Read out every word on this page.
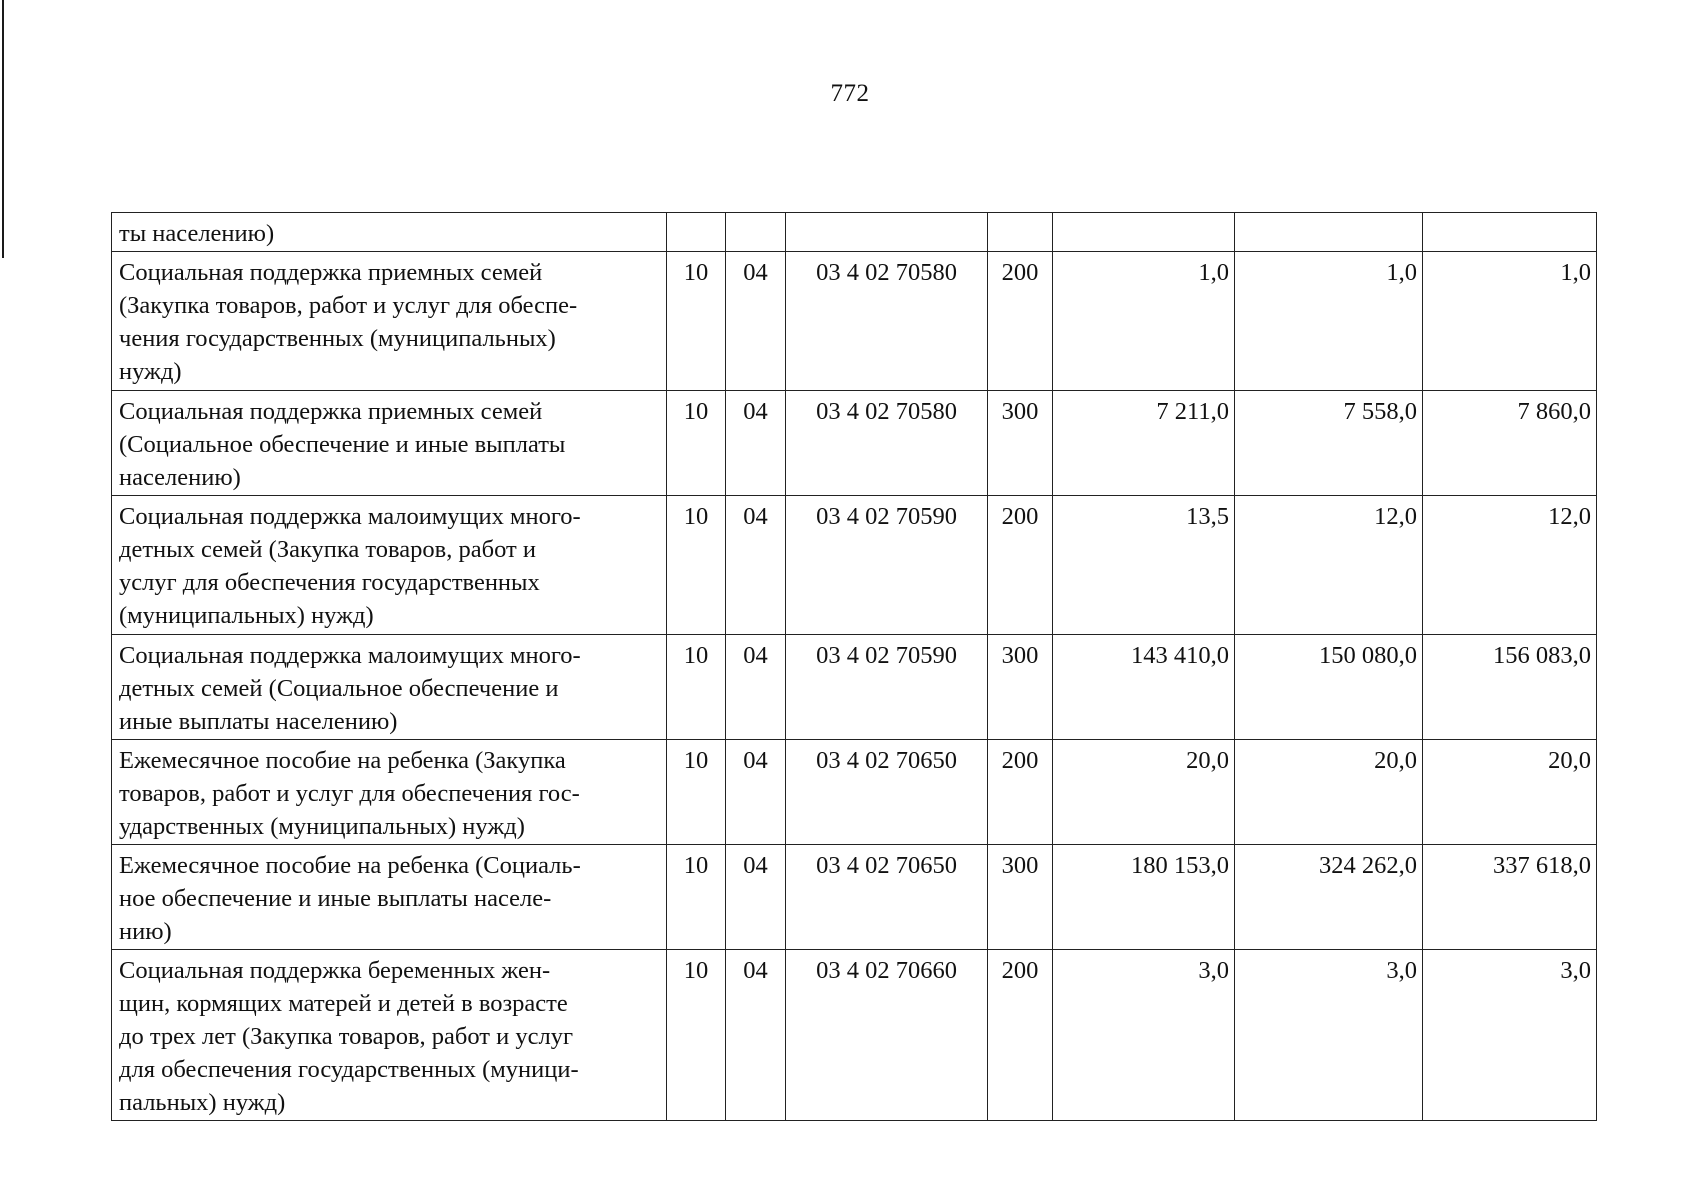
772
ты населению)							

Социальная поддержка приемных семей
(Закупка товаров, работ и услуг для обеспе-
чения государственных (муниципальных)
нужд)	10	04	03 4 02 70580	200	1,0	1,0	1,0

Социальная поддержка приемных семей
(Социальное обеспечение и иные выплаты
населению)	10	04	03 4 02 70580	300	7 211,0	7 558,0	7 860,0

Социальная поддержка малоимущих много-
детных семей (Закупка товаров, работ и
услуг для обеспечения государственных
(муниципальных) нужд)	10	04	03 4 02 70590	200	13,5	12,0	12,0

Социальная поддержка малоимущих много-
детных семей (Социальное обеспечение и
иные выплаты населению)	10	04	03 4 02 70590	300	143 410,0	150 080,0	156 083,0

Ежемесячное пособие на ребенка (Закупка
товаров, работ и услуг для обеспечения гос-
ударственных (муниципальных) нужд)	10	04	03 4 02 70650	200	20,0	20,0	20,0

Ежемесячное пособие на ребенка (Социаль-
ное обеспечение и иные выплаты населе-
нию)	10	04	03 4 02 70650	300	180 153,0	324 262,0	337 618,0

Социальная поддержка беременных жен-
щин, кормящих матерей и детей в возрасте
до трех лет (Закупка товаров, работ и услуг
для обеспечения государственных (муници-
пальных) нужд)	10	04	03 4 02 70660	200	3,0	3,0	3,0
